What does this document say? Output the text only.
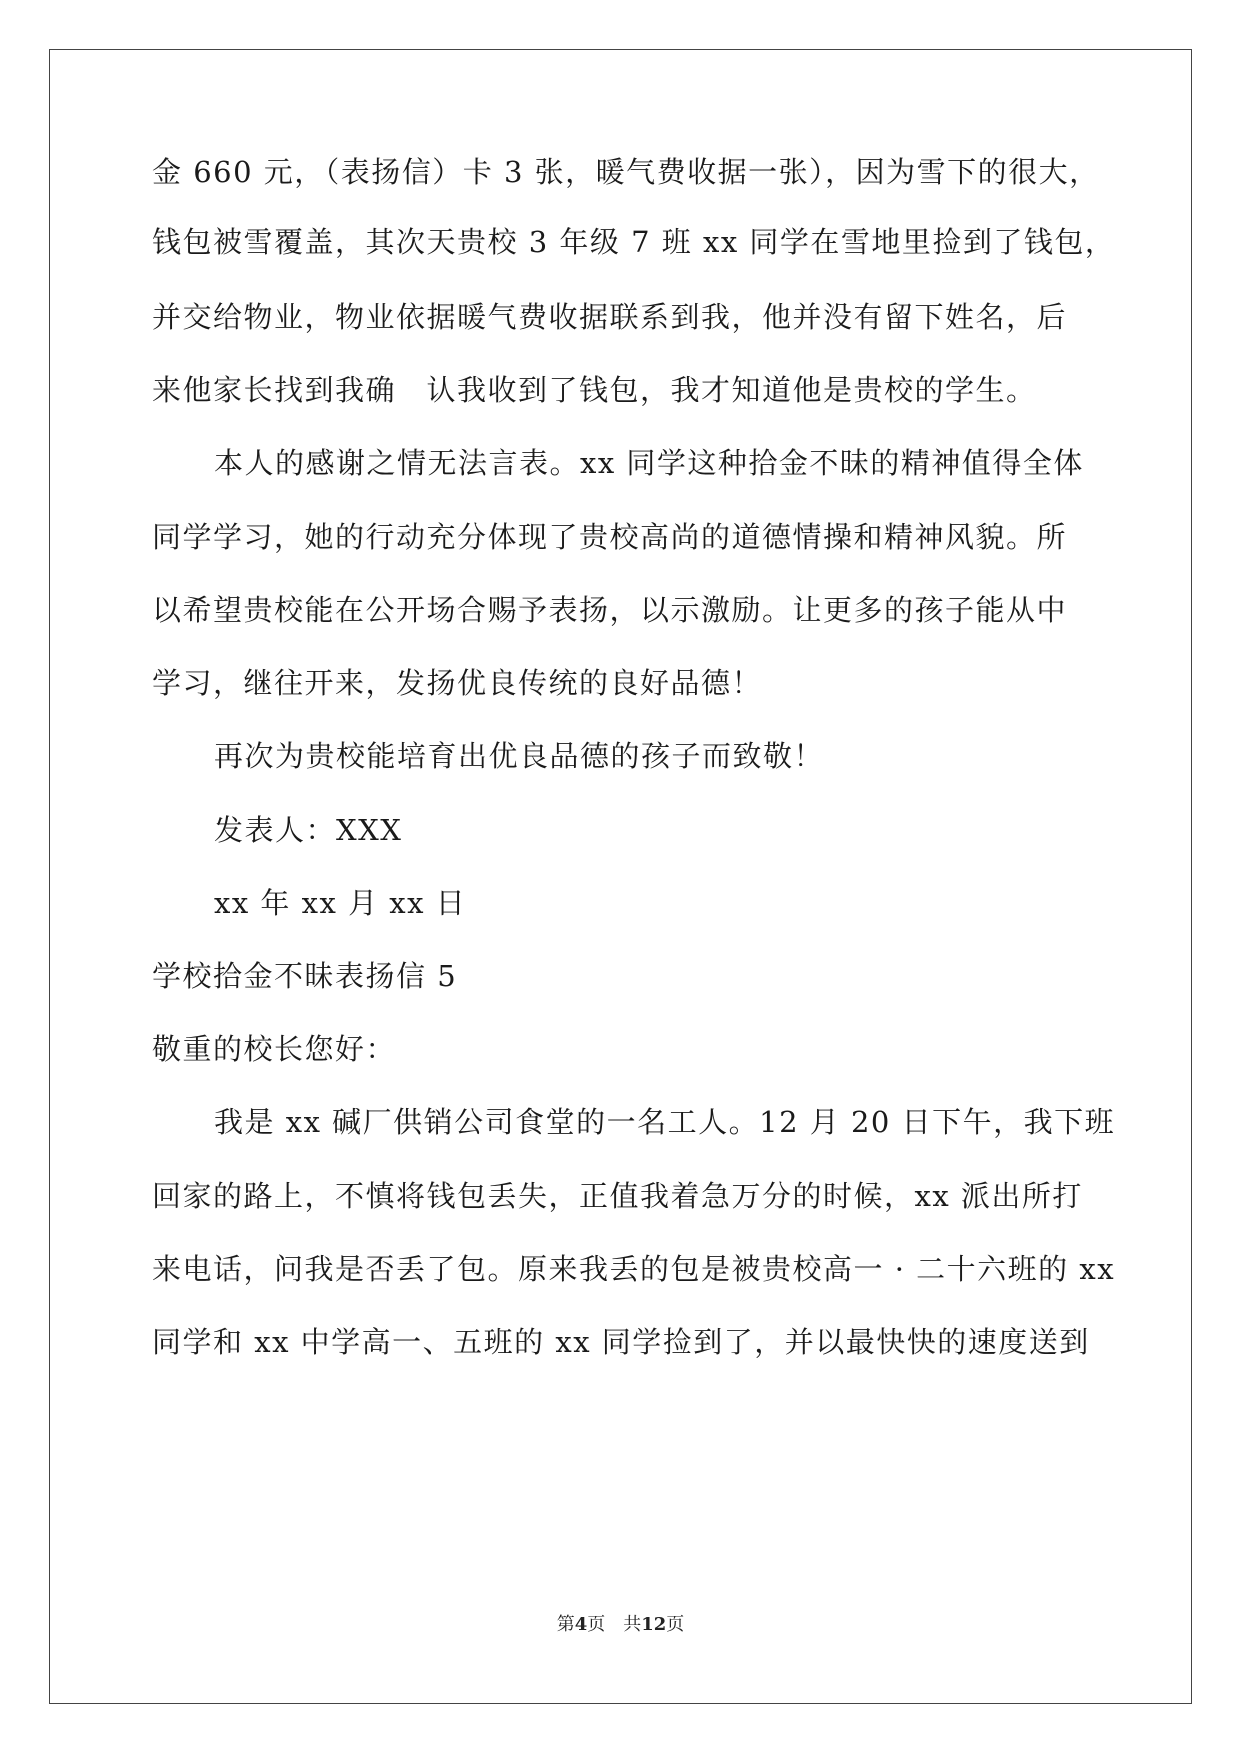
金 660 元，（表扬信）卡 3 张，暖气费收据一张），因为雪下的很大，
钱包被雪覆盖，其次天贵校 3 年级 7 班 xx 同学在雪地里捡到了钱包，
并交给物业，物业依据暖气费收据联系到我，他并没有留下姓名，后
来他家长找到我确　认我收到了钱包，我才知道他是贵校的学生。
本人的感谢之情无法言表。xx 同学这种拾金不昧的精神值得全体
同学学习，她的行动充分体现了贵校高尚的道德情操和精神风貌。所
以希望贵校能在公开场合赐予表扬，以示激励。让更多的孩子能从中
学习，继往开来，发扬优良传统的良好品德！
再次为贵校能培育出优良品德的孩子而致敬！
发表人：XXX
xx 年 xx 月 xx 日
学校拾金不昧表扬信 5
敬重的校长您好：
我是 xx 碱厂供销公司食堂的一名工人。12 月 20 日下午，我下班
回家的路上，不慎将钱包丢失，正值我着急万分的时候，xx 派出所打
来电话，问我是否丢了包。原来我丢的包是被贵校高一 · 二十六班的 xx
同学和 xx 中学高一、五班的 xx 同学捡到了，并以最快快的速度送到
第4页　共12页
